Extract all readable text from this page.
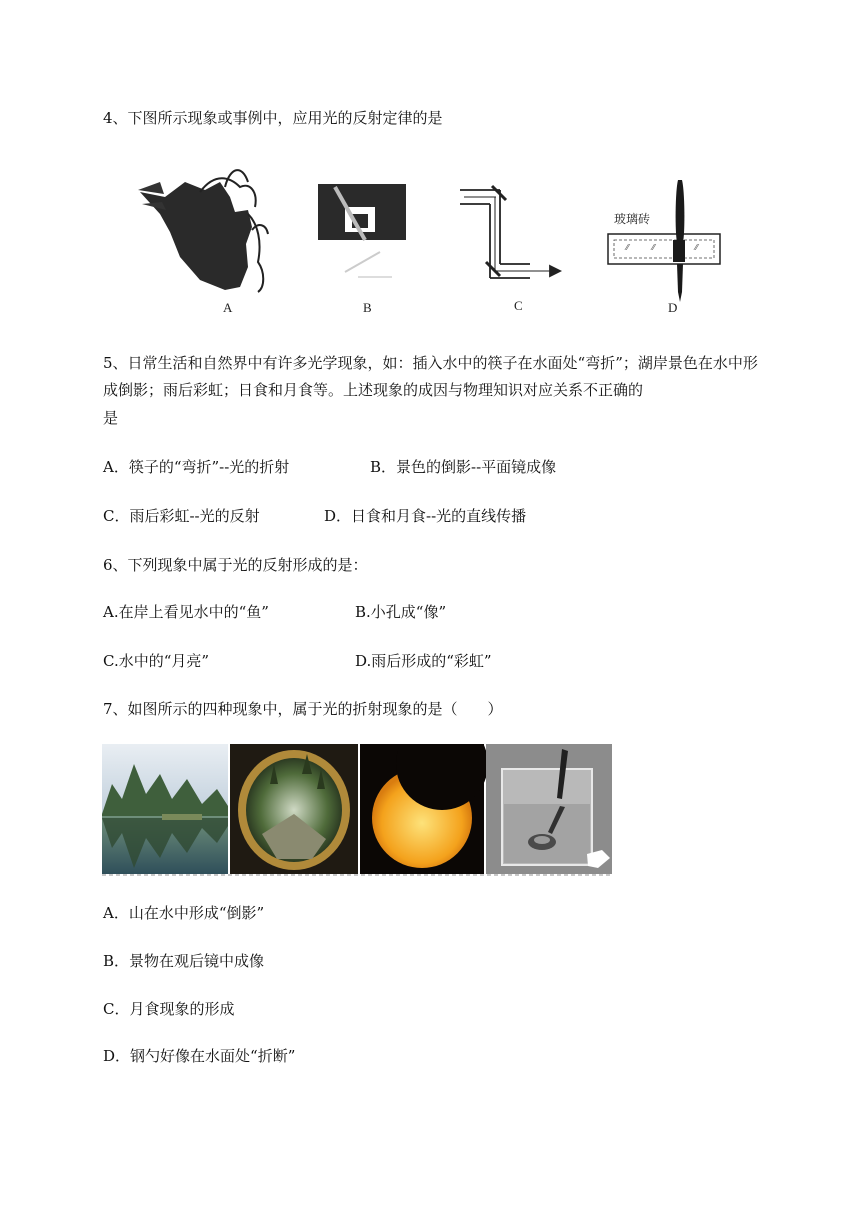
4、下图所示现象或事例中，应用光的反射定律的是
⁄⁄	⁄⁄	⁄⁄
玻璃砖
A	B	C	D
5、日常生活和自然界中有许多光学现象，如：插入水中的筷子在水面处“弯折”；湖岸景色在水中形
成倒影；雨后彩虹；日食和月食等。上述现象的成因与物理知识对应关系不正确的
是
A．筷子的“弯折”--光的折射	B．景色的倒影--平面镜成像
C．雨后彩虹--光的反射	D．日食和月食--光的直线传播
6、下列现象中属于光的反射形成的是：
A.在岸上看见水中的“鱼”	B.小孔成“像”
C.水中的“月亮”	D.雨后形成的“彩虹”
7、如图所示的四种现象中，属于光的折射现象的是（　　）
A．山在水中形成“倒影”
B．景物在观后镜中成像
C．月食现象的形成
D．钢勺好像在水面处“折断”
